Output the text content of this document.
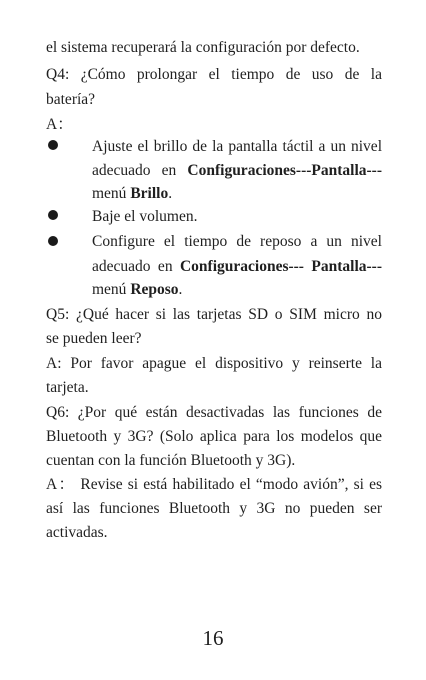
el sistema recuperará la configuración por defecto.
Q4: ¿Cómo prolongar el tiempo de uso de la
batería?
A：
Ajuste el brillo de la pantalla táctil a un nivel
adecuado en Configuraciones---Pantalla---
menú Brillo.
Baje el volumen.
Configure el tiempo de reposo a un nivel
adecuado en Configuraciones--- Pantalla---
menú Reposo.
Q5: ¿Qué hacer si las tarjetas SD o SIM micro no
se pueden leer?
A: Por favor apague el dispositivo y reinserte la
tarjeta.
Q6: ¿Por qué están desactivadas las funciones de
Bluetooth y 3G? (Solo aplica para los modelos que
cuentan con la función Bluetooth y 3G).
A： Revise si está habilitado el “modo avión”, si es
así las funciones Bluetooth y 3G no pueden ser
activadas.
16
